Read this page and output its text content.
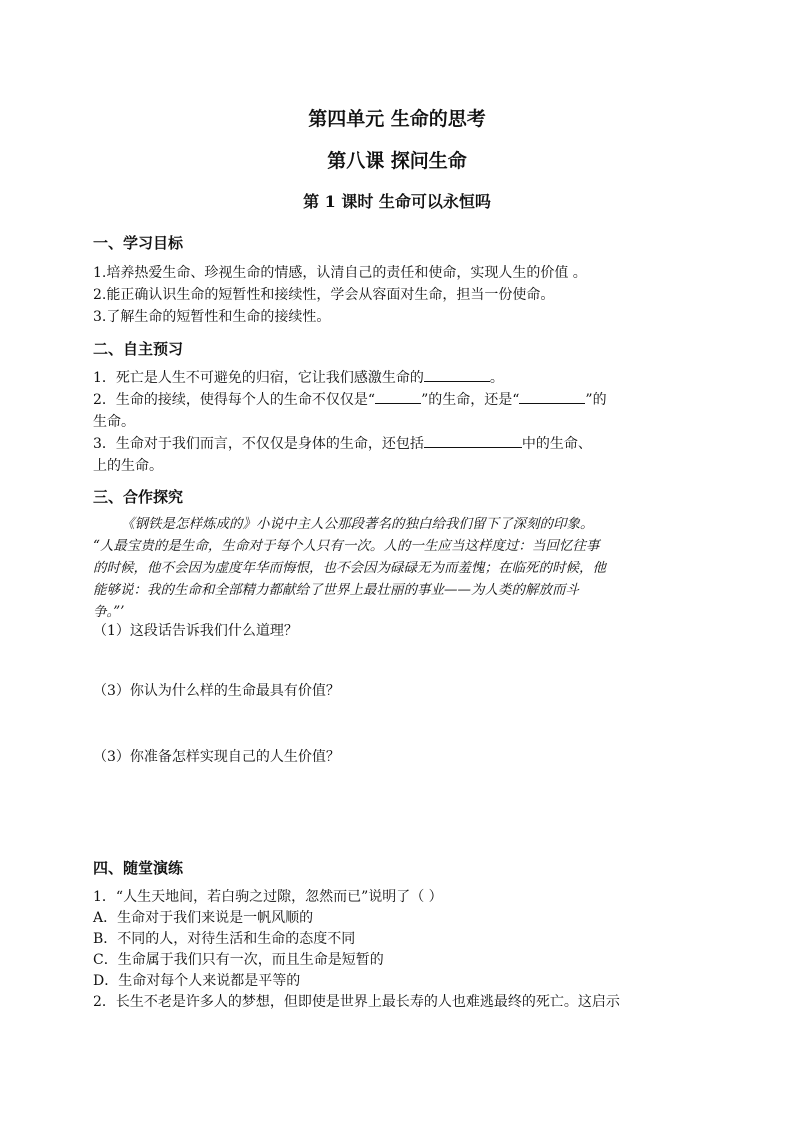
第四单元 生命的思考
第八课 探问生命
第 1 课时 生命可以永恒吗
一、学习目标
1.培养热爱生命、珍视生命的情感，认清自己的责任和使命，实现人生的价值 。
2.能正确认识生命的短暂性和接续性，学会从容面对生命，担当一份使命。
3.了解生命的短暂性和生命的接续性。
二、自主预习
1．死亡是人生不可避免的归宿，它让我们感激生命的	。
2．生命的接续，使得每个人的生命不仅仅是“	”的生命，还是“	”的
生命。
3．生命对于我们而言，不仅仅是身体的生命，还包括	中的生命、
上的生命。
三、合作探究

《钢铁是怎样炼成的》小说中主人公那段著名的独白给我们留下了深刻的印象。

“人最宝贵的是生命，生命对于每个人只有一次。人的一生应当这样度过：当回忆往事

的时候，他不会因为虚度年华而悔恨，也不会因为碌碌无为而羞愧；在临死的时候，他

能够说：我的生命和全部精力都献给了世界上最壮丽的事业——为人类的解放而斗

争。”’

（1）这段话告诉我们什么道理？
（3）你认为什么样的生命最具有价值？
（3）你准备怎样实现自己的人生价值？
四、随堂演练
1．“人生天地间，若白驹之过隙，忽然而已”说明了（ ）
A．生命对于我们来说是一帆风顺的
B．不同的人，对待生活和生命的态度不同
C．生命属于我们只有一次，而且生命是短暂的
D．生命对每个人来说都是平等的
2．长生不老是许多人的梦想，但即使是世界上最长寿的人也难逃最终的死亡。这启示
